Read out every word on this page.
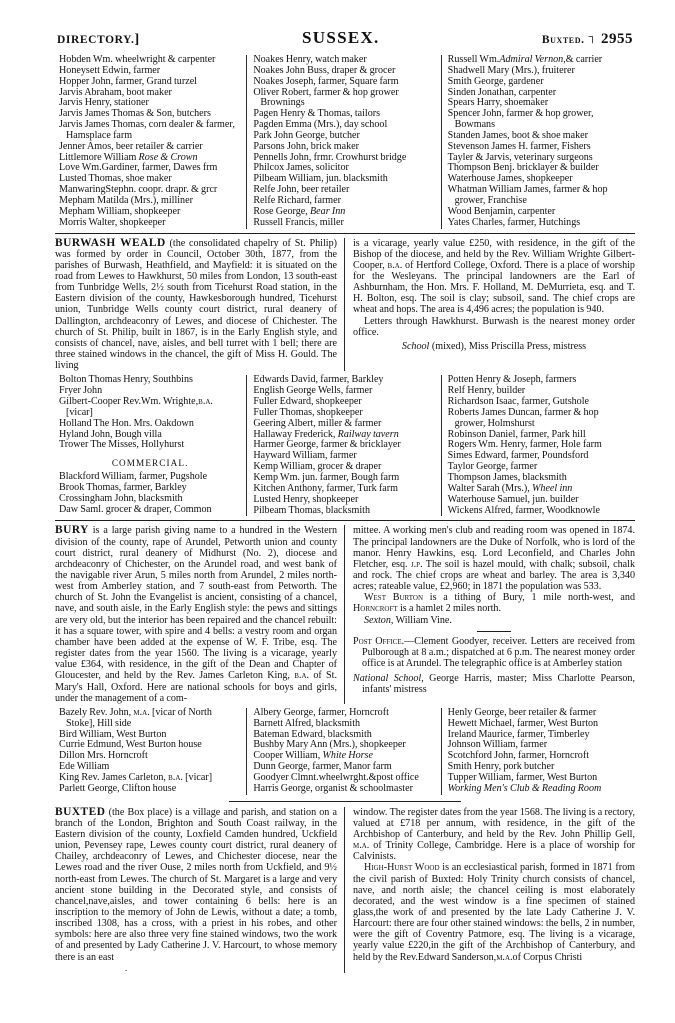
DIRECTORY.]	SUSSEX.	Buxted. ┐ 2955
Hobden Wm. wheelwright & carpenter
Honeysett Edwin, farmer
Hopper John, farmer, Grand turzel
Jarvis Abraham, boot maker
Jarvis Henry, stationer
Jarvis James Thomas & Son, butchers
Jarvis James Thomas, corn dealer & farmer, Hamsplace farm
Jenner Amos, beer retailer & carrier
Littlemore William Rose & Crown
Love Wm.Gardiner, farmer, Dawes frm
Lusted Thomas, shoe maker
ManwaringStephn. coopr. drapr. & grcr
Mepham Matilda (Mrs.), milliner
Mepham William, shopkeeper
Morris Walter, shopkeeper
Noakes Henry, watch maker
Noakes John Buss, draper & grocer
Noakes Joseph, farmer, Square farm
Oliver Robert, farmer & hop grower Brownings
Pagen Henry & Thomas, tailors
Pagden Emma (Mrs.), day school
Park John George, butcher
Parsons John, brick maker
Pennells John, frmr. Crowhurst bridge
Philcox James, solicitor
Pilbeam William, jun. blacksmith
Relfe John, beer retailer
Relfe Richard, farmer
Rose George, Bear Inn
Russell Francis, miller
Russell Wm.Admiral Vernon,& carrier
Shadwell Mary (Mrs.), fruiterer
Smith George, gardener
Sinden Jonathan, carpenter
Spears Harry, shoemaker
Spencer John, farmer & hop grower, Bowmans
Standen James, boot & shoe maker
Stevenson James H. farmer, Fishers
Tayler & Jarvis, veterinary surgeons
Thompson Benj. bricklayer & builder
Waterhouse James, shopkeeper
Whatman William James, farmer & hop grower, Franchise
Wood Benjamin, carpenter
Yates Charles, farmer, Hutchings

BURWASH WEALD (the consolidated chapelry of St. Philip) was formed by order in Council, October 30th, 1877, from the parishes of Burwash, Heathfield, and Mayfield: it is situated on the road from Lewes to Hawkhurst, 50 miles from London, 13 south-east from Tunbridge Wells, 2½ south from Ticehurst Road station, in the Eastern division of the county, Hawkesborough hundred, Ticehurst union, Tunbridge Wells county court district, rural deanery of Dallington, archdeaconry of Lewes, and diocese of Chichester. The church of St. Philip, built in 1867, is in the Early English style, and consists of chancel, nave, aisles, and bell turret with 1 bell; there are three stained windows in the chancel, the gift of Miss H. Gould. The living

is a vicarage, yearly value £250, with residence, in the gift of the Bishop of the diocese, and held by the Rev. William Wrighte Gilbert-Cooper, b.a. of Hertford College, Oxford. There is a place of worship for the Wesleyans. The principal landowners are the Earl of Ashburnham, the Hon. Mrs. F. Holland, M. DeMurrieta, esq. and T. H. Bolton, esq. The soil is clay; subsoil, sand. The chief crops are wheat and hops. The area is 4,496 acres; the population is 940.

Letters through Hawkhurst. Burwash is the nearest money order office.

School (mixed), Miss Priscilla Press, mistress
Bolton Thomas Henry, Southbins
Fryer John
Gilbert-Cooper Rev.Wm. Wrighte,b.a. [vicar]
Holland The Hon. Mrs. Oakdown
Hyland John, Bough villa
Trower The Misses, Hollyhurst
COMMERCIAL.
Blackford William, farmer, Pugshole
Brook Thomas, farmer, Barkley
Crossingham John, blacksmith
Daw Saml. grocer & draper, Common
Edwards David, farmer, Barkley
English George Wells, farmer
Fuller Edward, shopkeeper
Fuller Thomas, shopkeeper
Geering Albert, miller & farmer
Hallaway Frederick, Railway tavern
Harmer George, farmer & bricklayer
Hayward William, farmer
Kemp William, grocer & draper
Kemp Wm. jun. farmer, Bough farm
Kitchen Anthony, farmer, Turk farm
Lusted Henry, shopkeeper
Pilbeam Thomas, blacksmith
Potten Henry & Joseph, farmers
Relf Henry, builder
Richardson Isaac, farmer, Gutshole
Roberts James Duncan, farmer & hop grower, Holmshurst
Robinson Daniel, farmer, Park hill
Rogers Wm. Henry, farmer, Hole farm
Simes Edward, farmer, Poundsford
Taylor George, farmer
Thompson James, blacksmith
Walter Sarah (Mrs.), Wheel inn
Waterhouse Samuel, jun. builder
Wickens Alfred, farmer, Woodknowle

BURY is a large parish giving name to a hundred in the Western division of the county, rape of Arundel, Petworth union and county court district, rural deanery of Midhurst (No. 2), diocese and archdeaconry of Chichester, on the Arundel road, and west bank of the navigable river Arun, 5 miles north from Arundel, 2 miles north-west from Amberley station, and 7 south-east from Petworth. The church of St. John the Evangelist is ancient, consisting of a chancel, nave, and south aisle, in the Early English style: the pews and sittings are very old, but the interior has been repaired and the chancel rebuilt: it has a square tower, with spire and 4 bells: a vestry room and organ chamber have been added at the expense of W. F. Tribe, esq. The register dates from the year 1560. The living is a vicarage, yearly value £364, with residence, in the gift of the Dean and Chapter of Gloucester, and held by the Rev. James Carleton King, b.a. of St. Mary's Hall, Oxford. Here are national schools for boys and girls, under the management of a com-

mittee. A working men's club and reading room was opened in 1874. The principal landowners are the Duke of Norfolk, who is lord of the manor. Henry Hawkins, esq. Lord Leconfield, and Charles John Fletcher, esq. j.p. The soil is hazel mould, with chalk; subsoil, chalk and rock. The chief crops are wheat and barley. The area is 3,340 acres; rateable value, £2,960; in 1871 the population was 533.

West Burton is a tithing of Bury, 1 mile north-west, and Horncroft is a hamlet 2 miles north.

Sexton, William Vine.

Post Office.—Clement Goodyer, receiver. Letters are received from Pulborough at 8 a.m.; dispatched at 6 p.m. The nearest money order office is at Arundel. The telegraphic office is at Amberley station

National School, George Harris, master; Miss Charlotte Pearson, infants' mistress

Bazely Rev. John, m.a. [vicar of North Stoke], Hill side
Bird William, West Burton
Currie Edmund, West Burton house
Dillon Mrs. Horncroft
Ede William
King Rev. James Carleton, b.a. [vicar]
Parlett George, Clifton house
Albery George, farmer, Horncroft
Barnett Alfred, blacksmith
Bateman Edward, blacksmith
Bushby Mary Ann (Mrs.), shopkeeper
Cooper William, White Horse
Dunn George, farmer, Manor farm
Goodyer Clmnt.wheelwrght.&post office
Harris George, organist & schoolmaster
Henly George, beer retailer & farmer
Hewett Michael, farmer, West Burton
Ireland Maurice, farmer, Timberley
Johnson William, farmer
Scotchford John, farmer, Horncroft
Smith Henry, pork butcher
Tupper William, farmer, West Burton
Working Men's Club & Reading Room

BUXTED (the Box place) is a village and parish, and station on a branch of the London, Brighton and South Coast railway, in the Eastern division of the county, Loxfield Camden hundred, Uckfield union, Pevensey rape, Lewes county court district, rural deanery of Chailey, archdeaconry of Lewes, and Chichester diocese, near the Lewes road and the river Ouse, 2 miles north from Uckfield, and 9½ north-east from Lewes. The church of St. Margaret is a large and very ancient stone building in the Decorated style, and consists of chancel,nave,aisles, and tower containing 6 bells: here is an inscription to the memory of John de Lewis, without a date; a tomb, inscribed 1308, has a cross, with a priest in his robes, and other symbols: here are also three very fine stained windows, two the work of and presented by Lady Catherine J. V. Harcourt, to whose memory there is an east

.

window. The register dates from the year 1568. The living is a rectory, valued at £718 per annum, with residence, in the gift of the Archbishop of Canterbury, and held by the Rev. John Phillip Gell, m.a. of Trinity College, Cambridge. Here is a place of worship for Calvinists.

High-Hurst Wood is an ecclesiastical parish, formed in 1871 from the civil parish of Buxted: Holy Trinity church consists of chancel, nave, and north aisle; the chancel ceiling is most elaborately decorated, and the west window is a fine specimen of stained glass,the work of and presented by the late Lady Catherine J. V. Harcourt: there are four other stained windows: the bells, 2 in number, were the gift of Coventry Patmore, esq. The living is a vicarage, yearly value £220,in the gift of the Archbishop of Canterbury, and held by the Rev.Edward Sanderson,m.a.of Corpus Christi
